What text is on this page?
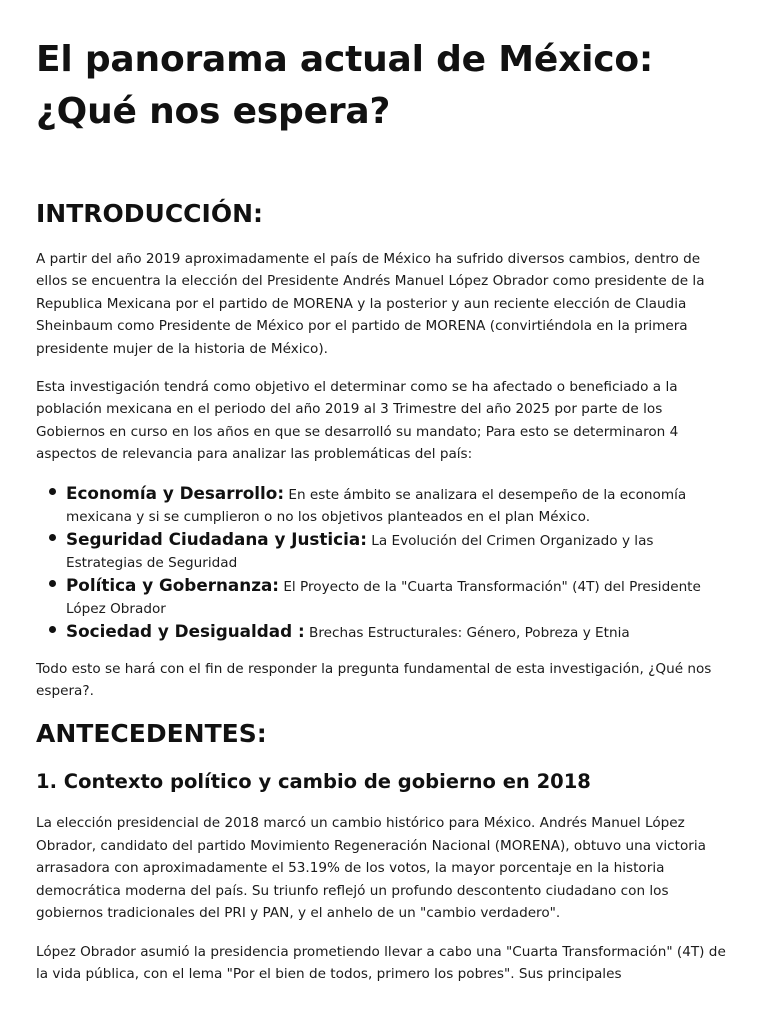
El panorama actual de México: ¿Qué nos espera?
INTRODUCCIÓN:

A partir del año 2019 aproximadamente el país de México ha sufrido diversos cambios, dentro de ellos se encuentra la elección del Presidente Andrés Manuel López Obrador como presidente de la Republica Mexicana por el partido de MORENA y la posterior y aun reciente elección de Claudia Sheinbaum como Presidente de México por el partido de MORENA (convirtiéndola en la primera presidente mujer de la historia de México).

Esta investigación tendrá como objetivo el determinar como se ha afectado o beneficiado a la población mexicana en el periodo del año 2019 al 3 Trimestre del año 2025 por parte de los Gobiernos en curso en los años en que se desarrolló su mandato; Para esto se determinaron 4 aspectos de relevancia para analizar las problemáticas del país:

Economía y Desarrollo: En este ámbito se analizara el desempeño de la economía mexicana y si se cumplieron o no los objetivos planteados en el plan México.
Seguridad Ciudadana y Justicia: La Evolución del Crimen Organizado y las Estrategias de Seguridad
Política y Gobernanza: El Proyecto de la "Cuarta Transformación" (4T) del Presidente López Obrador
Sociedad y Desigualdad : Brechas Estructurales: Género, Pobreza y Etnia

Todo esto se hará con el fin de responder la pregunta fundamental de esta investigación, ¿Qué nos espera?.

ANTECEDENTES:
1. Contexto político y cambio de gobierno en 2018

La elección presidencial de 2018 marcó un cambio histórico para México. Andrés Manuel López Obrador, candidato del partido Movimiento Regeneración Nacional (MORENA), obtuvo una victoria arrasadora con aproximadamente el 53.19% de los votos, la mayor porcentaje en la historia democrática moderna del país. Su triunfo reflejó un profundo descontento ciudadano con los gobiernos tradicionales del PRI y PAN, y el anhelo de un "cambio verdadero".

López Obrador asumió la presidencia prometiendo llevar a cabo una "Cuarta Transformación" (4T) de la vida pública, con el lema "Por el bien de todos, primero los pobres". Sus principales
